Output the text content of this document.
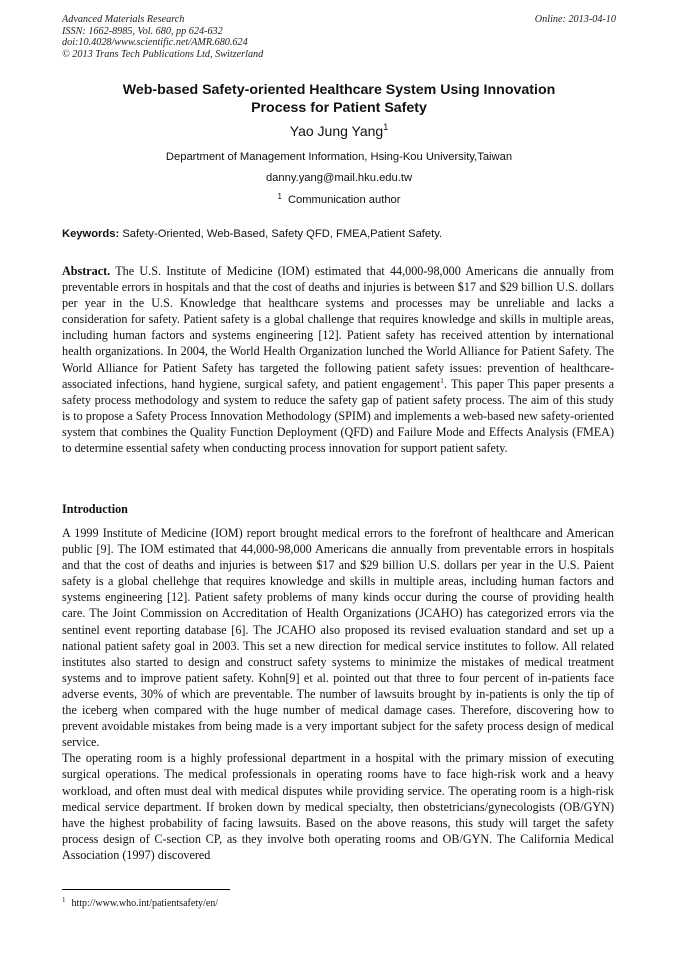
Advanced Materials Research
ISSN: 1662-8985, Vol. 680, pp 624-632
doi:10.4028/www.scientific.net/AMR.680.624
© 2013 Trans Tech Publications Ltd, Switzerland
Online: 2013-04-10
Web-based Safety-oriented Healthcare System Using Innovation
Process for Patient Safety
Yao Jung Yang$^1$
Department of Management Information, Hsing-Kou University,Taiwan
danny.yang@mail.hku.edu.tw
$^1$ Communication author
Keywords: Safety-Oriented, Web-Based, Safety QFD, FMEA,Patient Safety.
Abstract. The U.S. Institute of Medicine (IOM) estimated that 44,000-98,000 Americans die annually from preventable errors in hospitals and that the cost of deaths and injuries is between $17 and $29 billion U.S. dollars per year in the U.S. Knowledge that healthcare systems and processes may be unreliable and lacks a consideration for safety. Patient safety is a global challenge that requires knowledge and skills in multiple areas, including human factors and systems engineering [12]. Patient safety has received attention by international health organizations. In 2004, the World Health Organization lunched the World Alliance for Patient Safety. The World Alliance for Patient Safety has targeted the following patient safety issues: prevention of healthcare-associated infections, hand hygiene, surgical safety, and patient engagement$^1$. This paper This paper presents a safety process methodology and system to reduce the safety gap of patient safety process. The aim of this study is to propose a Safety Process Innovation Methodology (SPIM) and implements a web-based new safety-oriented system that combines the Quality Function Deployment (QFD) and Failure Mode and Effects Analysis (FMEA) to determine essential safety when conducting process innovation for support patient safety.
Introduction

A 1999 Institute of Medicine (IOM) report brought medical errors to the forefront of healthcare and American public [9]. The IOM estimated that 44,000-98,000 Americans die annually from preventable errors in hospitals and that the cost of deaths and injuries is between $17 and $29 billion U.S. dollars per year in the U.S. Paient safety is a global chellehge that requires knowledge and skills in multiple areas, including human factors and systems engineering [12]. Patient safety problems of many kinds occur during the course of providing health care. The Joint Commission on Accreditation of Health Organizations (JCAHO) has categorized errors via the sentinel event reporting database [6]. The JCAHO also proposed its revised evaluation standard and set up a national patient safety goal in 2003. This set a new direction for medical service institutes to follow. All related institutes also started to design and construct safety systems to minimize the mistakes of medical treatment systems and to improve patient safety. Kohn[9] et al. pointed out that three to four percent of in-patients face adverse events, 30% of which are preventable. The number of lawsuits brought by in-patients is only the tip of the iceberg when compared with the huge number of medical damage cases. Therefore, discovering how to prevent avoidable mistakes from being made is a very important subject for the safety process design of medical service.

The operating room is a highly professional department in a hospital with the primary mission of executing surgical operations. The medical professionals in operating rooms have to face high-risk work and a heavy workload, and often must deal with medical disputes while providing service. The operating room is a high-risk medical service department. If broken down by medical specialty, then obstetricians/gynecologists (OB/GYN) have the highest probability of facing lawsuits. Based on the above reasons, this study will target the safety process design of C-section CP, as they involve both operating rooms and OB/GYN. The California Medical Association (1997) discovered

$^1$ http://www.who.int/patientsafety/en/
